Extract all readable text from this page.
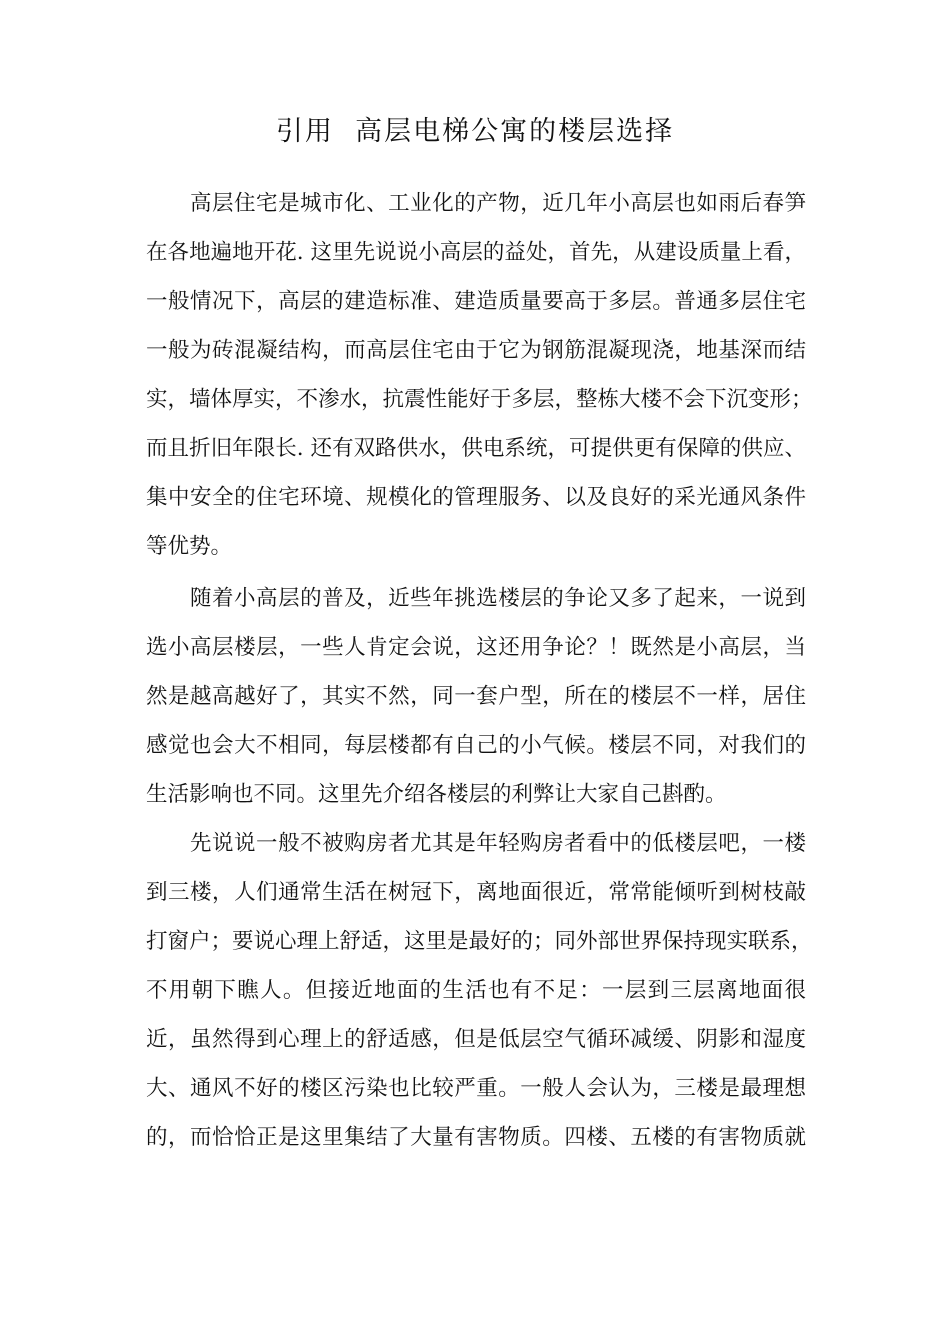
引用  高层电梯公寓的楼层选择
高层住宅是城市化、工业化的产物，近几年小高层也如雨后春笋
在各地遍地开花. 这里先说说小高层的益处，首先，从建设质量上看，
一般情况下，高层的建造标准、建造质量要高于多层。普通多层住宅
一般为砖混凝结构，而高层住宅由于它为钢筋混凝现浇，地基深而结
实，墙体厚实，不渗水，抗震性能好于多层，整栋大楼不会下沉变形；
而且折旧年限长. 还有双路供水，供电系统，可提供更有保障的供应、
集中安全的住宅环境、规模化的管理服务、以及良好的采光通风条件
等优势。
随着小高层的普及，近些年挑选楼层的争论又多了起来，一说到
选小高层楼层，一些人肯定会说，这还用争论？！既然是小高层，当
然是越高越好了，其实不然，同一套户型，所在的楼层不一样，居住
感觉也会大不相同，每层楼都有自己的小气候。楼层不同，对我们的
生活影响也不同。这里先介绍各楼层的利弊让大家自己斟酌。
先说说一般不被购房者尤其是年轻购房者看中的低楼层吧，一楼
到三楼，人们通常生活在树冠下，离地面很近，常常能倾听到树枝敲
打窗户；要说心理上舒适，这里是最好的；同外部世界保持现实联系，
不用朝下瞧人。但接近地面的生活也有不足：一层到三层离地面很
近，虽然得到心理上的舒适感，但是低层空气循环减缓、阴影和湿度
大、通风不好的楼区污染也比较严重。一般人会认为，三楼是最理想
的，而恰恰正是这里集结了大量有害物质。四楼、五楼的有害物质就
